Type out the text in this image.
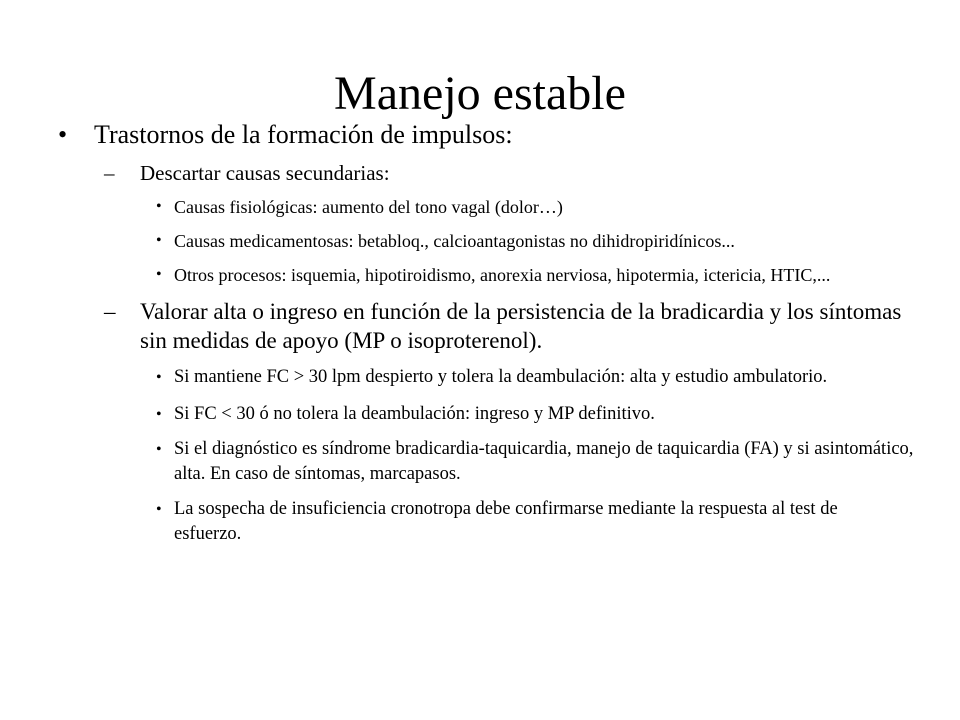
Manejo estable
• Trastornos de la formación de impulsos:
– Descartar causas secundarias:
• Causas fisiológicas: aumento del tono vagal (dolor…)
• Causas medicamentosas: betabloq., calcioantagonistas no dihidropiridínicos...
• Otros procesos: isquemia, hipotiroidismo, anorexia nerviosa, hipotermia, ictericia, HTIC,...
– Valorar alta o ingreso en función de la persistencia de la bradicardia y los síntomas sin medidas de apoyo (MP o isoproterenol).
• Si mantiene FC > 30 lpm despierto y tolera la deambulación: alta y estudio ambulatorio.
• Si FC < 30 ó no tolera la deambulación: ingreso y MP definitivo.
• Si el diagnóstico es síndrome bradicardia-taquicardia, manejo de taquicardia (FA) y si asintomático, alta. En caso de síntomas, marcapasos.
• La sospecha de insuficiencia cronotropa debe confirmarse mediante la respuesta al test de esfuerzo.
